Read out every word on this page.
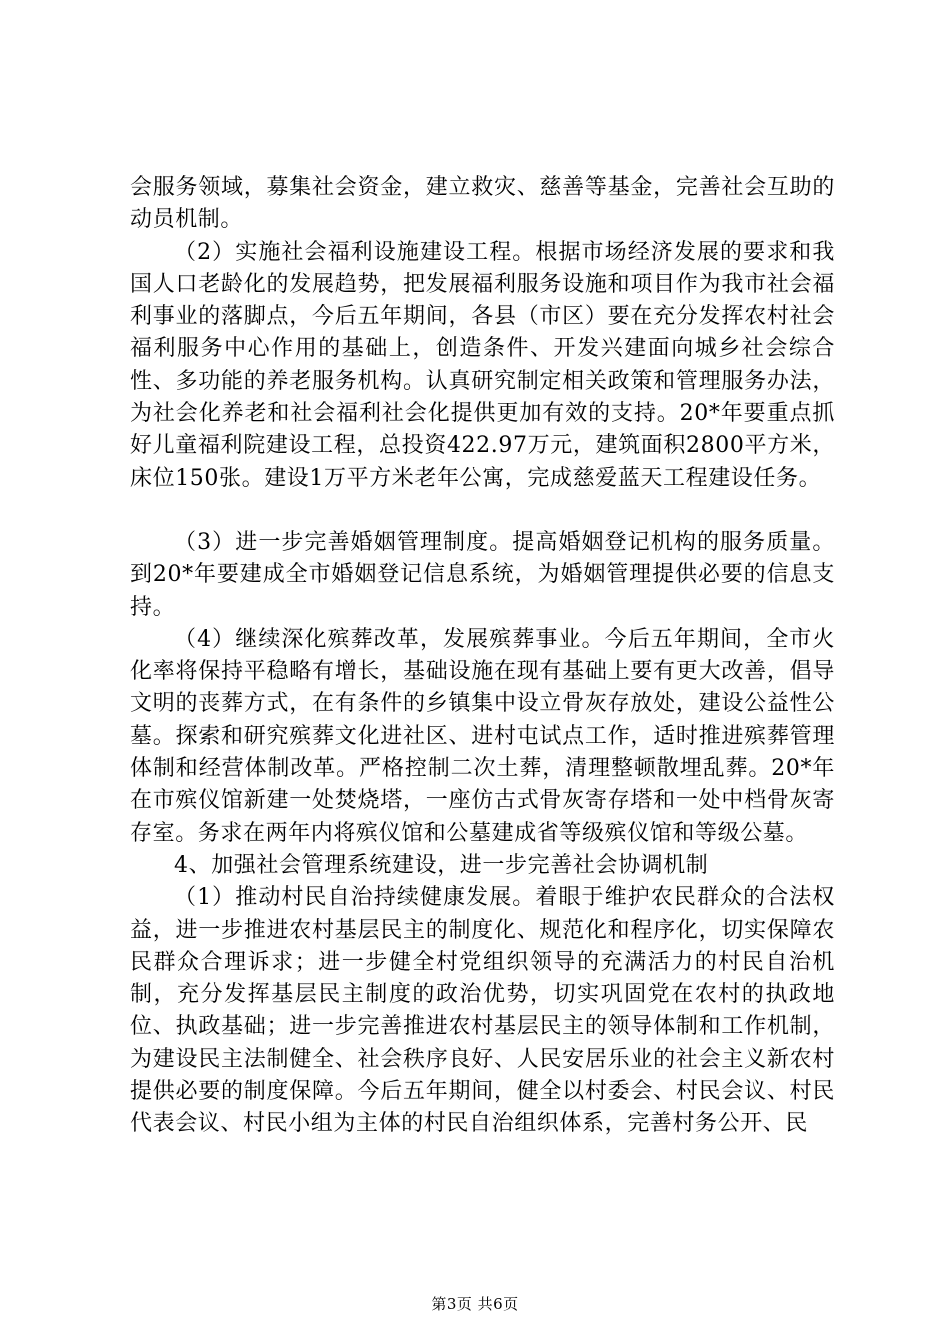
会服务领域，募集社会资金，建立救灾、慈善等基金，完善社会互助的动员机制。

（2）实施社会福利设施建设工程。根据市场经济发展的要求和我国人口老龄化的发展趋势，把发展福利服务设施和项目作为我市社会福利事业的落脚点，今后五年期间，各县（市区）要在充分发挥农村社会福利服务中心作用的基础上，创造条件、开发兴建面向城乡社会综合性、多功能的养老服务机构。认真研究制定相关政策和管理服务办法，为社会化养老和社会福利社会化提供更加有效的支持。20*年要重点抓好儿童福利院建设工程，总投资422.97万元，建筑面积2800平方米，床位150张。建设1万平方米老年公寓，完成慈爱蓝天工程建设任务。

（3）进一步完善婚姻管理制度。提高婚姻登记机构的服务质量。到20*年要建成全市婚姻登记信息系统，为婚姻管理提供必要的信息支持。

（4）继续深化殡葬改革，发展殡葬事业。今后五年期间，全市火化率将保持平稳略有增长，基础设施在现有基础上要有更大改善，倡导文明的丧葬方式，在有条件的乡镇集中设立骨灰存放处，建设公益性公墓。探索和研究殡葬文化进社区、进村屯试点工作，适时推进殡葬管理体制和经营体制改革。严格控制二次土葬，清理整顿散埋乱葬。20*年在市殡仪馆新建一处焚烧塔，一座仿古式骨灰寄存塔和一处中档骨灰寄存室。务求在两年内将殡仪馆和公墓建成省等级殡仪馆和等级公墓。

4、加强社会管理系统建设，进一步完善社会协调机制

（1）推动村民自治持续健康发展。着眼于维护农民群众的合法权益，进一步推进农村基层民主的制度化、规范化和程序化，切实保障农民群众合理诉求；进一步健全村党组织领导的充满活力的村民自治机制，充分发挥基层民主制度的政治优势，切实巩固党在农村的执政地位、执政基础；进一步完善推进农村基层民主的领导体制和工作机制，为建设民主法制健全、社会秩序良好、人民安居乐业的社会主义新农村提供必要的制度保障。今后五年期间，健全以村委会、村民会议、村民代表会议、村民小组为主体的村民自治组织体系，完善村务公开、民

第3页 共6页
